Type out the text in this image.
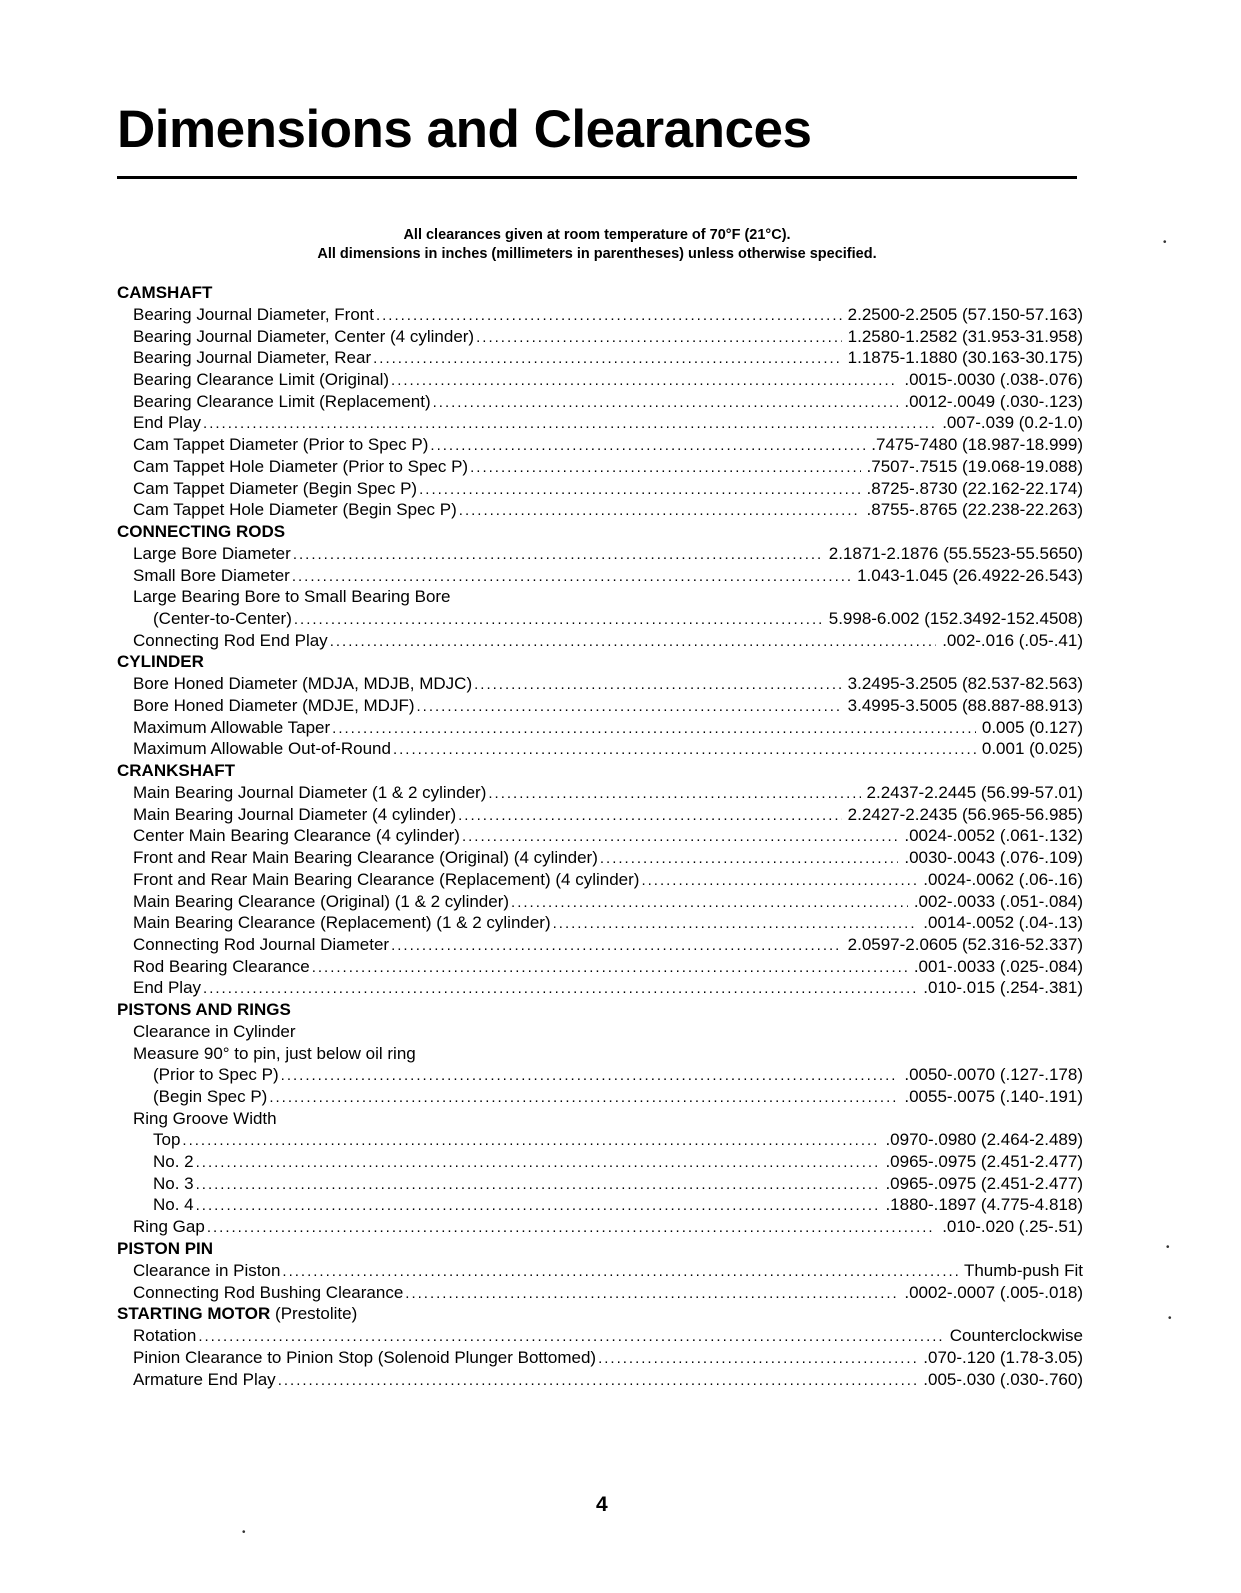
Dimensions and Clearances
All clearances given at room temperature of 70°F (21°C).
All dimensions in inches (millimeters in parentheses) unless otherwise specified.
CAMSHAFT
Bearing Journal Diameter, Front .....	2.2500-2.2505 (57.150-57.163)
Bearing Journal Diameter, Center (4 cylinder) .....	1.2580-1.2582 (31.953-31.958)
Bearing Journal Diameter, Rear .....	1.1875-1.1880 (30.163-30.175)
Bearing Clearance Limit (Original) .....	.0015-.0030 (.038-.076)
Bearing Clearance Limit (Replacement) .....	.0012-.0049 (.030-.123)
End Play .....	.007-.039 (0.2-1.0)
Cam Tappet Diameter (Prior to Spec P) .....	.7475-7480 (18.987-18.999)
Cam Tappet Hole Diameter (Prior to Spec P) .....	.7507-.7515 (19.068-19.088)
Cam Tappet Diameter (Begin Spec P) .....	.8725-.8730 (22.162-22.174)
Cam Tappet Hole Diameter (Begin Spec P) .....	.8755-.8765 (22.238-22.263)
CONNECTING RODS
Large Bore Diameter .....	2.1871-2.1876 (55.5523-55.5650)
Small Bore Diameter .....	1.043-1.045 (26.4922-26.543)
Large Bearing Bore to Small Bearing Bore
(Center-to-Center) .....	5.998-6.002 (152.3492-152.4508)
Connecting Rod End Play .....	.002-.016 (.05-.41)
CYLINDER
Bore Honed Diameter (MDJA, MDJB, MDJC) .....	3.2495-3.2505 (82.537-82.563)
Bore Honed Diameter (MDJE, MDJF) .....	3.4995-3.5005 (88.887-88.913)
Maximum Allowable Taper .....	0.005 (0.127)
Maximum Allowable Out-of-Round .....	0.001 (0.025)
CRANKSHAFT
Main Bearing Journal Diameter (1 & 2 cylinder) .....	2.2437-2.2445 (56.99-57.01)
Main Bearing Journal Diameter (4 cylinder) .....	2.2427-2.2435 (56.965-56.985)
Center Main Bearing Clearance (4 cylinder) .....	.0024-.0052 (.061-.132)
Front and Rear Main Bearing Clearance (Original) (4 cylinder) .....	.0030-.0043 (.076-.109)
Front and Rear Main Bearing Clearance (Replacement) (4 cylinder) .....	.0024-.0062 (.06-.16)
Main Bearing Clearance (Original) (1 & 2 cylinder) .....	.002-.0033 (.051-.084)
Main Bearing Clearance (Replacement) (1 & 2 cylinder) .....	.0014-.0052 (.04-.13)
Connecting Rod Journal Diameter .....	2.0597-2.0605 (52.316-52.337)
Rod Bearing Clearance .....	.001-.0033 (.025-.084)
End Play .....	.010-.015 (.254-.381)
PISTONS AND RINGS
Clearance in Cylinder
Measure 90° to pin, just below oil ring
(Prior to Spec P) .....	.0050-.0070 (.127-.178)
(Begin Spec P) .....	.0055-.0075 (.140-.191)
Ring Groove Width
Top .....	.0970-.0980 (2.464-2.489)
No. 2 .....	.0965-.0975 (2.451-2.477)
No. 3 .....	.0965-.0975 (2.451-2.477)
No. 4 .....	.1880-.1897 (4.775-4.818)
Ring Gap .....	.010-.020 (.25-.51)
PISTON PIN
Clearance in Piston .....	Thumb-push Fit
Connecting Rod Bushing Clearance .....	.0002-.0007 (.005-.018)
STARTING MOTOR (Prestolite)
Rotation .....	Counterclockwise
Pinion Clearance to Pinion Stop (Solenoid Plunger Bottomed) .....	.070-.120 (1.78-3.05)
Armature End Play .....	.005-.030 (.030-.760)
4
•
•
•
•
